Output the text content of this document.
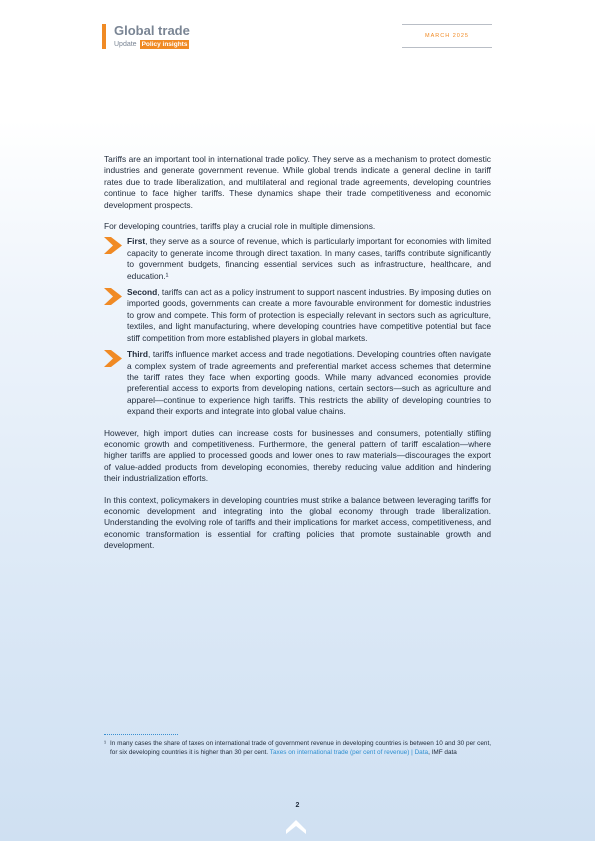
Global trade
Update Policy insights
MARCH 2025

Tariffs are an important tool in international trade policy. They serve as a mechanism to protect domestic industries and generate government revenue. While global trends indicate a general decline in tariff rates due to trade liberalization, and multilateral and regional trade agreements, developing countries continue to face higher tariffs. These dynamics shape their trade competitiveness and economic development prospects.

For developing countries, tariffs play a crucial role in multiple dimensions.

First, they serve as a source of revenue, which is particularly important for economies with limited capacity to generate income through direct taxation. In many cases, tariffs contribute significantly to government budgets, financing essential services such as infrastructure, healthcare, and education.¹
Second, tariffs can act as a policy instrument to support nascent industries. By imposing duties on imported goods, governments can create a more favourable environment for domestic industries to grow and compete. This form of protection is especially relevant in sectors such as agriculture, textiles, and light manufacturing, where developing countries have competitive potential but face stiff competition from more established players in global markets.
Third, tariffs influence market access and trade negotiations. Developing countries often navigate a complex system of trade agreements and preferential market access schemes that determine the tariff rates they face when exporting goods. While many advanced economies provide preferential access to exports from developing nations, certain sectors—such as agriculture and apparel—continue to experience high tariffs. This restricts the ability of developing countries to expand their exports and integrate into global value chains.

However, high import duties can increase costs for businesses and consumers, potentially stifling economic growth and competitiveness. Furthermore, the general pattern of tariff escalation—where higher tariffs are applied to processed goods and lower ones to raw materials—discourages the export of value-added products from developing economies, thereby reducing value addition and hindering their industrialization efforts.

In this context, policymakers in developing countries must strike a balance between leveraging tariffs for economic development and integrating into the global economy through trade liberalization. Understanding the evolving role of tariffs and their implications for market access, competitiveness, and economic transformation is essential for crafting policies that promote sustainable growth and development.

¹ In many cases the share of taxes on international trade of government revenue in developing countries is between 10 and 30 per cent, for six developing countries it is higher than 30 per cent. Taxes on international trade (per cent of revenue) | Data, IMF data
2
